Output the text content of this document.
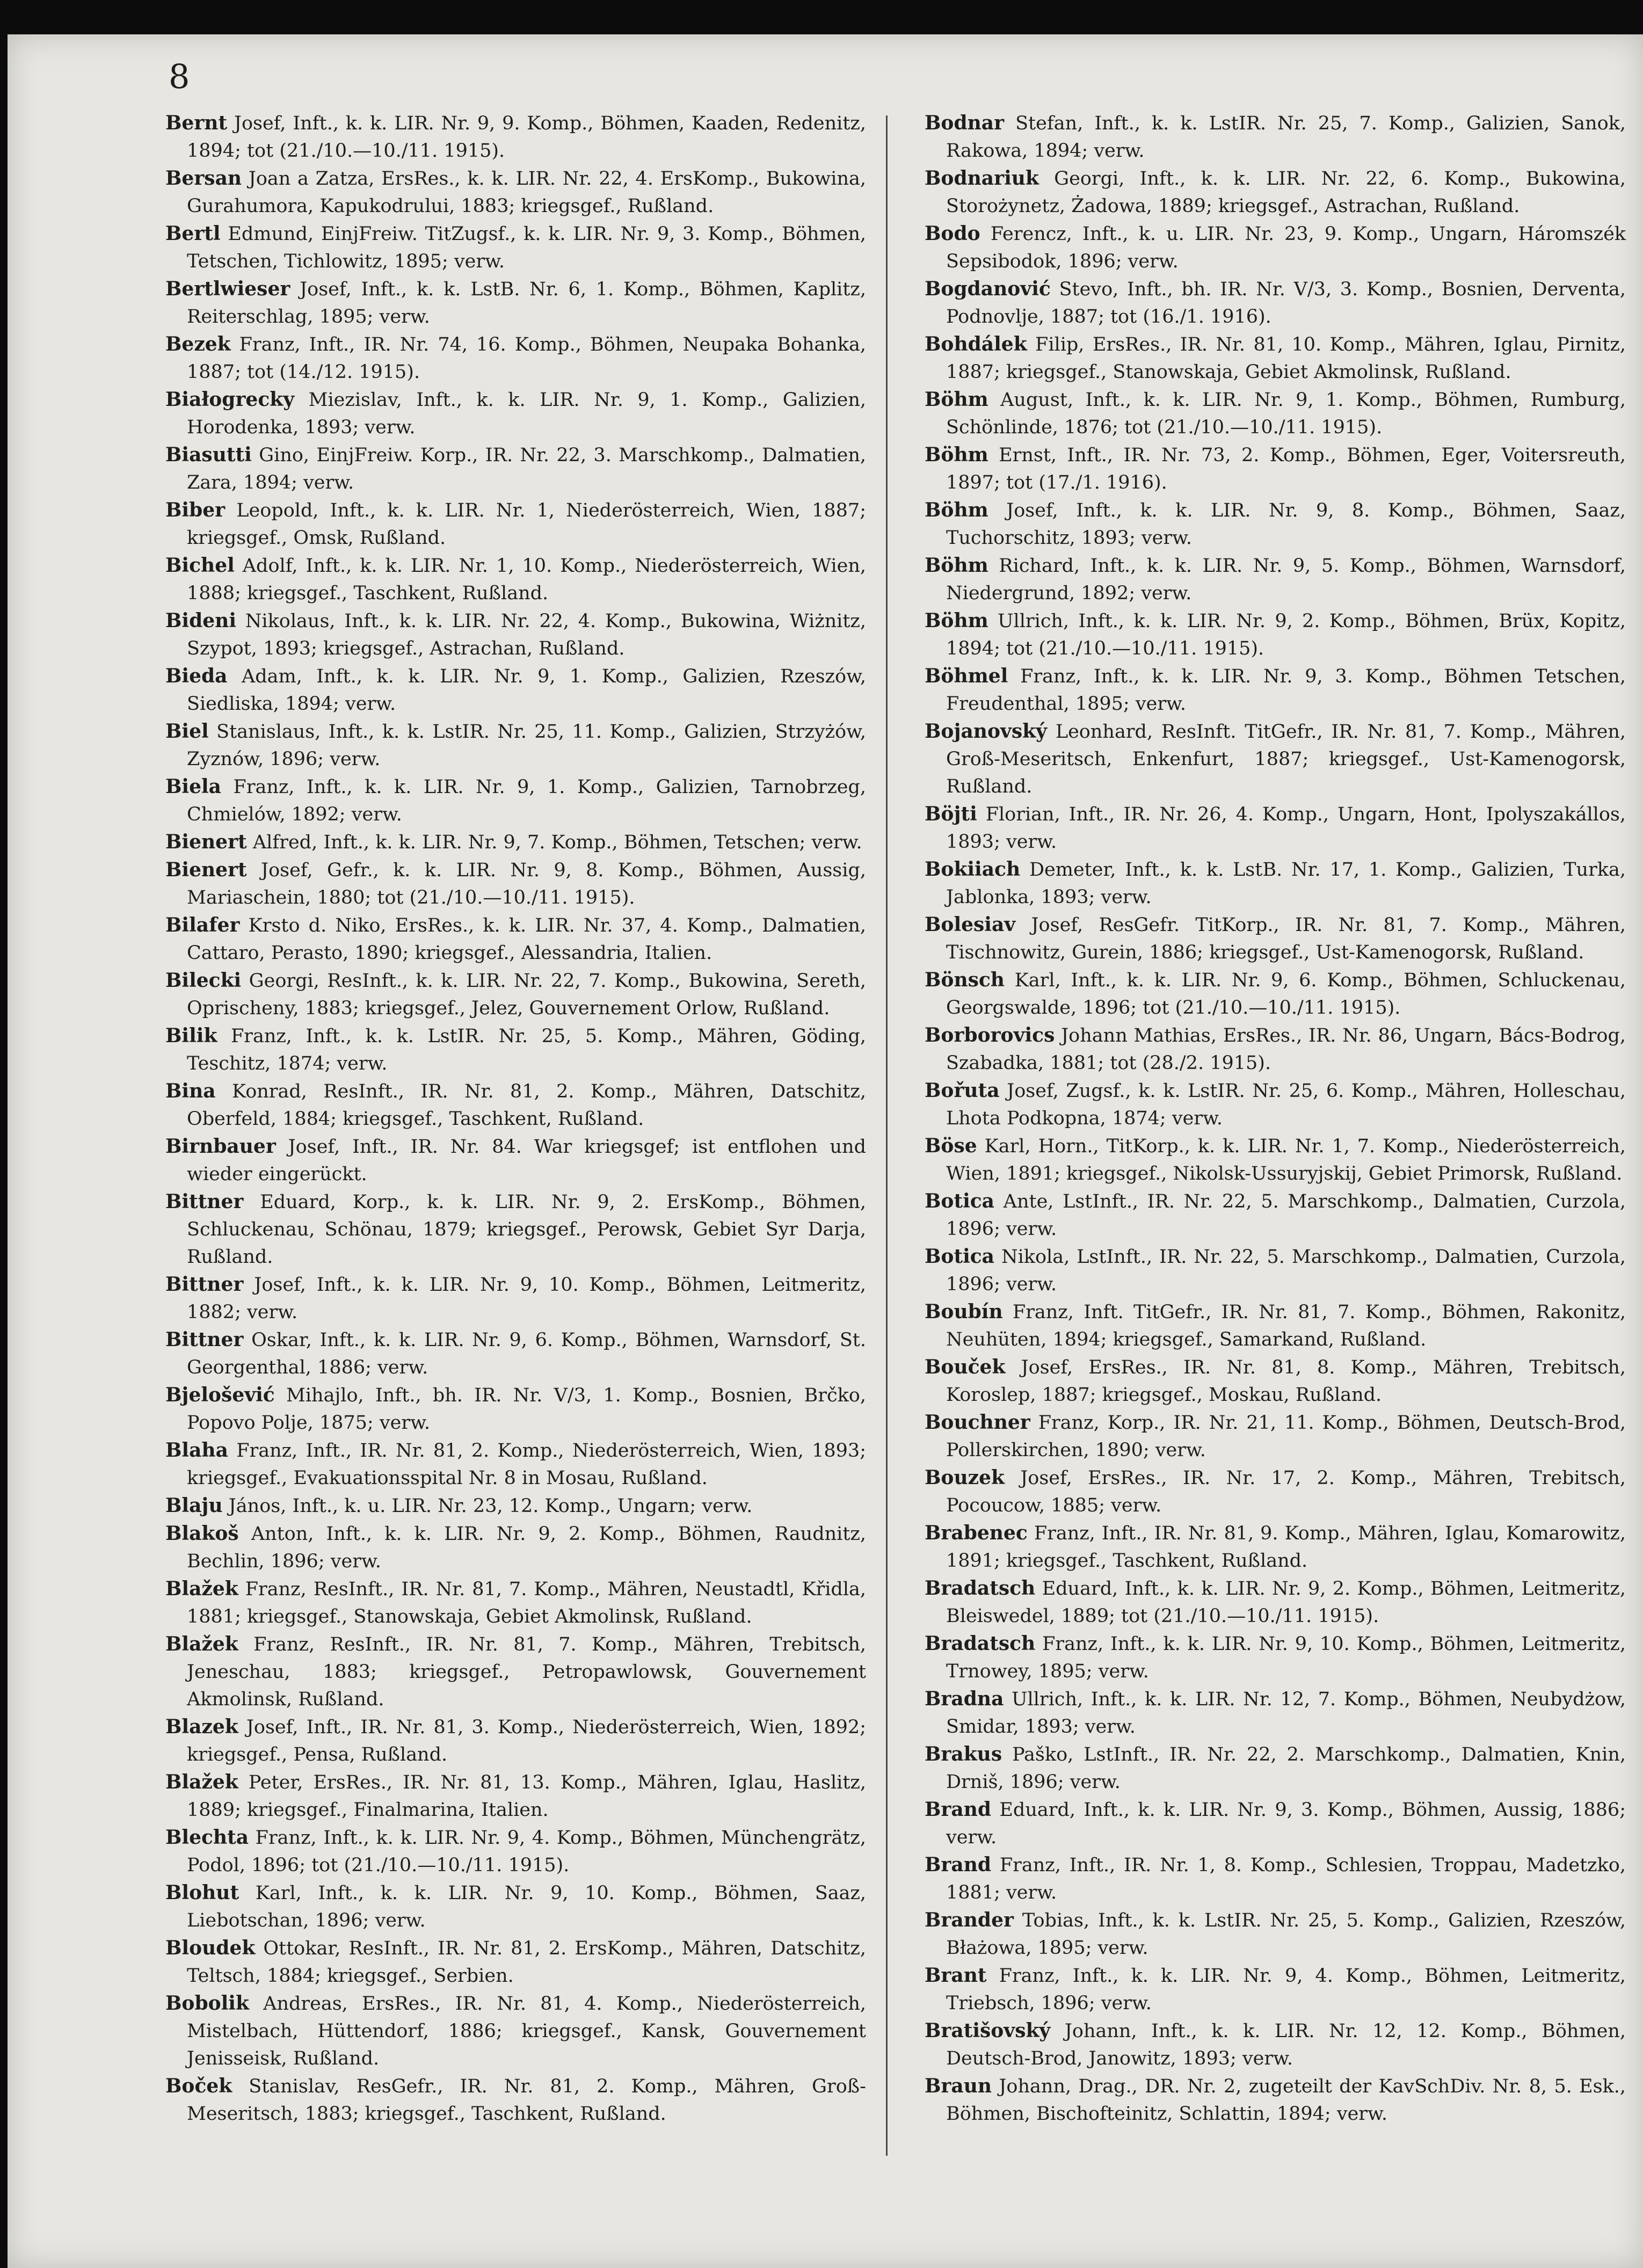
8

Bernt Josef, Inft., k. k. LIR. Nr. 9, 9. Komp., Böhmen, Kaaden, Redenitz, 1894; tot (21./10.—10./11. 1915).

Bersan Joan a Zatza, ErsRes., k. k. LIR. Nr. 22, 4. ErsKomp., Bukowina, Gurahumora, Kapukodrului, 1883; kriegsgef., Rußland.

Bertl Edmund, EinjFreiw. TitZugsf., k. k. LIR. Nr. 9, 3. Komp., Böhmen, Tetschen, Tichlowitz, 1895; verw.

Bertlwieser Josef, Inft., k. k. LstB. Nr. 6, 1. Komp., Böhmen, Kaplitz, Reiterschlag, 1895; verw.

Bezek Franz, Inft., IR. Nr. 74, 16. Komp., Böhmen, Neupaka Bohanka, 1887; tot (14./12. 1915).

Białogrecky Miezislav, Inft., k. k. LIR. Nr. 9, 1. Komp., Galizien, Horodenka, 1893; verw.

Biasutti Gino, EinjFreiw. Korp., IR. Nr. 22, 3. Marschkomp., Dalmatien, Zara, 1894; verw.

Biber Leopold, Inft., k. k. LIR. Nr. 1, Niederösterreich, Wien, 1887; kriegsgef., Omsk, Rußland.

Bichel Adolf, Inft., k. k. LIR. Nr. 1, 10. Komp., Niederösterreich, Wien, 1888; kriegsgef., Taschkent, Rußland.

Bideni Nikolaus, Inft., k. k. LIR. Nr. 22, 4. Komp., Bukowina, Wiżnitz, Szypot, 1893; kriegsgef., Astrachan, Rußland.

Bieda Adam, Inft., k. k. LIR. Nr. 9, 1. Komp., Galizien, Rzeszów, Siedliska, 1894; verw.

Biel Stanislaus, Inft., k. k. LstIR. Nr. 25, 11. Komp., Galizien, Strzyżów, Zyznów, 1896; verw.

Biela Franz, Inft., k. k. LIR. Nr. 9, 1. Komp., Galizien, Tarnobrzeg, Chmielów, 1892; verw.

Bienert Alfred, Inft., k. k. LIR. Nr. 9, 7. Komp., Böhmen, Tetschen; verw.

Bienert Josef, Gefr., k. k. LIR. Nr. 9, 8. Komp., Böhmen, Aussig, Mariaschein, 1880; tot (21./10.—10./11. 1915).

Bilafer Krsto d. Niko, ErsRes., k. k. LIR. Nr. 37, 4. Komp., Dalmatien, Cattaro, Perasto, 1890; kriegsgef., Alessandria, Italien.

Bilecki Georgi, ResInft., k. k. LIR. Nr. 22, 7. Komp., Bukowina, Sereth, Oprischeny, 1883; kriegsgef., Jelez, Gouvernement Orlow, Rußland.

Bilik Franz, Inft., k. k. LstIR. Nr. 25, 5. Komp., Mähren, Göding, Teschitz, 1874; verw.

Bina Konrad, ResInft., IR. Nr. 81, 2. Komp., Mähren, Datschitz, Oberfeld, 1884; kriegsgef., Taschkent, Rußland.

Birnbauer Josef, Inft., IR. Nr. 84. War kriegsgef; ist entflohen und wieder eingerückt.

Bittner Eduard, Korp., k. k. LIR. Nr. 9, 2. ErsKomp., Böhmen, Schluckenau, Schönau, 1879; kriegsgef., Perowsk, Gebiet Syr Darja, Rußland.

Bittner Josef, Inft., k. k. LIR. Nr. 9, 10. Komp., Böhmen, Leitmeritz, 1882; verw.

Bittner Oskar, Inft., k. k. LIR. Nr. 9, 6. Komp., Böhmen, Warnsdorf, St. Georgenthal, 1886; verw.

Bjelošević Mihajlo, Inft., bh. IR. Nr. V/3, 1. Komp., Bosnien, Brčko, Popovo Polje, 1875; verw.

Blaha Franz, Inft., IR. Nr. 81, 2. Komp., Niederösterreich, Wien, 1893; kriegsgef., Evakuationsspital Nr. 8 in Mosau, Rußland.

Blaju János, Inft., k. u. LIR. Nr. 23, 12. Komp., Ungarn; verw.

Blakoš Anton, Inft., k. k. LIR. Nr. 9, 2. Komp., Böhmen, Raudnitz, Bechlin, 1896; verw.

Blažek Franz, ResInft., IR. Nr. 81, 7. Komp., Mähren, Neustadtl, Křidla, 1881; kriegsgef., Stanowskaja, Gebiet Akmolinsk, Rußland.

Blažek Franz, ResInft., IR. Nr. 81, 7. Komp., Mähren, Trebitsch, Jeneschau, 1883; kriegsgef., Petropawlowsk, Gouvernement Akmolinsk, Rußland.

Blazek Josef, Inft., IR. Nr. 81, 3. Komp., Niederösterreich, Wien, 1892; kriegsgef., Pensa, Rußland.

Blažek Peter, ErsRes., IR. Nr. 81, 13. Komp., Mähren, Iglau, Haslitz, 1889; kriegsgef., Finalmarina, Italien.

Blechta Franz, Inft., k. k. LIR. Nr. 9, 4. Komp., Böhmen, Münchengrätz, Podol, 1896; tot (21./10.—10./11. 1915).

Blohut Karl, Inft., k. k. LIR. Nr. 9, 10. Komp., Böhmen, Saaz, Liebotschan, 1896; verw.

Bloudek Ottokar, ResInft., IR. Nr. 81, 2. ErsKomp., Mähren, Datschitz, Teltsch, 1884; kriegsgef., Serbien.

Bobolik Andreas, ErsRes., IR. Nr. 81, 4. Komp., Niederösterreich, Mistelbach, Hüttendorf, 1886; kriegsgef., Kansk, Gouvernement Jenisseisk, Rußland.

Boček Stanislav, ResGefr., IR. Nr. 81, 2. Komp., Mähren, Groß-Meseritsch, 1883; kriegsgef., Taschkent, Rußland.

Bodnar Stefan, Inft., k. k. LstIR. Nr. 25, 7. Komp., Galizien, Sanok, Rakowa, 1894; verw.

Bodnariuk Georgi, Inft., k. k. LIR. Nr. 22, 6. Komp., Bukowina, Storożynetz, Żadowa, 1889; kriegsgef., Astrachan, Rußland.

Bodo Ferencz, Inft., k. u. LIR. Nr. 23, 9. Komp., Ungarn, Háromszék Sepsibodok, 1896; verw.

Bogdanović Stevo, Inft., bh. IR. Nr. V/3, 3. Komp., Bosnien, Derventa, Podnovlje, 1887; tot (16./1. 1916).

Bohdálek Filip, ErsRes., IR. Nr. 81, 10. Komp., Mähren, Iglau, Pirnitz, 1887; kriegsgef., Stanowskaja, Gebiet Akmolinsk, Rußland.

Böhm August, Inft., k. k. LIR. Nr. 9, 1. Komp., Böhmen, Rumburg, Schönlinde, 1876; tot (21./10.—10./11. 1915).

Böhm Ernst, Inft., IR. Nr. 73, 2. Komp., Böhmen, Eger, Voitersreuth, 1897; tot (17./1. 1916).

Böhm Josef, Inft., k. k. LIR. Nr. 9, 8. Komp., Böhmen, Saaz, Tuchorschitz, 1893; verw.

Böhm Richard, Inft., k. k. LIR. Nr. 9, 5. Komp., Böhmen, Warnsdorf, Niedergrund, 1892; verw.

Böhm Ullrich, Inft., k. k. LIR. Nr. 9, 2. Komp., Böhmen, Brüx, Kopitz, 1894; tot (21./10.—10./11. 1915).

Böhmel Franz, Inft., k. k. LIR. Nr. 9, 3. Komp., Böhmen Tetschen, Freudenthal, 1895; verw.

Bojanovský Leonhard, ResInft. TitGefr., IR. Nr. 81, 7. Komp., Mähren, Groß-Meseritsch, Enkenfurt, 1887; kriegsgef., Ust-Kamenogorsk, Rußland.

Böjti Florian, Inft., IR. Nr. 26, 4. Komp., Ungarn, Hont, Ipolyszakállos, 1893; verw.

Bokiiach Demeter, Inft., k. k. LstB. Nr. 17, 1. Komp., Galizien, Turka, Jablonka, 1893; verw.

Bolesiav Josef, ResGefr. TitKorp., IR. Nr. 81, 7. Komp., Mähren, Tischnowitz, Gurein, 1886; kriegsgef., Ust-Kamenogorsk, Rußland.

Bönsch Karl, Inft., k. k. LIR. Nr. 9, 6. Komp., Böhmen, Schluckenau, Georgswalde, 1896; tot (21./10.—10./11. 1915).

Borborovics Johann Mathias, ErsRes., IR. Nr. 86, Ungarn, Bács-Bodrog, Szabadka, 1881; tot (28./2. 1915).

Bořuta Josef, Zugsf., k. k. LstIR. Nr. 25, 6. Komp., Mähren, Holleschau, Lhota Podkopna, 1874; verw.

Böse Karl, Horn., TitKorp., k. k. LIR. Nr. 1, 7. Komp., Niederösterreich, Wien, 1891; kriegsgef., Nikolsk-Ussuryjskij, Gebiet Primorsk, Rußland.

Botica Ante, LstInft., IR. Nr. 22, 5. Marschkomp., Dalmatien, Curzola, 1896; verw.

Botica Nikola, LstInft., IR. Nr. 22, 5. Marschkomp., Dalmatien, Curzola, 1896; verw.

Boubín Franz, Inft. TitGefr., IR. Nr. 81, 7. Komp., Böhmen, Rakonitz, Neuhüten, 1894; kriegsgef., Samarkand, Rußland.

Bouček Josef, ErsRes., IR. Nr. 81, 8. Komp., Mähren, Trebitsch, Koroslep, 1887; kriegsgef., Moskau, Rußland.

Bouchner Franz, Korp., IR. Nr. 21, 11. Komp., Böhmen, Deutsch-Brod, Pollerskirchen, 1890; verw.

Bouzek Josef, ErsRes., IR. Nr. 17, 2. Komp., Mähren, Trebitsch, Pocoucow, 1885; verw.

Brabenec Franz, Inft., IR. Nr. 81, 9. Komp., Mähren, Iglau, Komarowitz, 1891; kriegsgef., Taschkent, Rußland.

Bradatsch Eduard, Inft., k. k. LIR. Nr. 9, 2. Komp., Böhmen, Leitmeritz, Bleiswedel, 1889; tot (21./10.—10./11. 1915).

Bradatsch Franz, Inft., k. k. LIR. Nr. 9, 10. Komp., Böhmen, Leitmeritz, Trnowey, 1895; verw.

Bradna Ullrich, Inft., k. k. LIR. Nr. 12, 7. Komp., Böhmen, Neubydżow, Smidar, 1893; verw.

Brakus Paško, LstInft., IR. Nr. 22, 2. Marschkomp., Dalmatien, Knin, Drniš, 1896; verw.

Brand Eduard, Inft., k. k. LIR. Nr. 9, 3. Komp., Böhmen, Aussig, 1886; verw.

Brand Franz, Inft., IR. Nr. 1, 8. Komp., Schlesien, Troppau, Madetzko, 1881; verw.

Brander Tobias, Inft., k. k. LstIR. Nr. 25, 5. Komp., Galizien, Rzeszów, Błażowa, 1895; verw.

Brant Franz, Inft., k. k. LIR. Nr. 9, 4. Komp., Böhmen, Leitmeritz, Triebsch, 1896; verw.

Bratišovský Johann, Inft., k. k. LIR. Nr. 12, 12. Komp., Böhmen, Deutsch-Brod, Janowitz, 1893; verw.

Braun Johann, Drag., DR. Nr. 2, zugeteilt der KavSchDiv. Nr. 8, 5. Esk., Böhmen, Bischofteinitz, Schlattin, 1894; verw.
